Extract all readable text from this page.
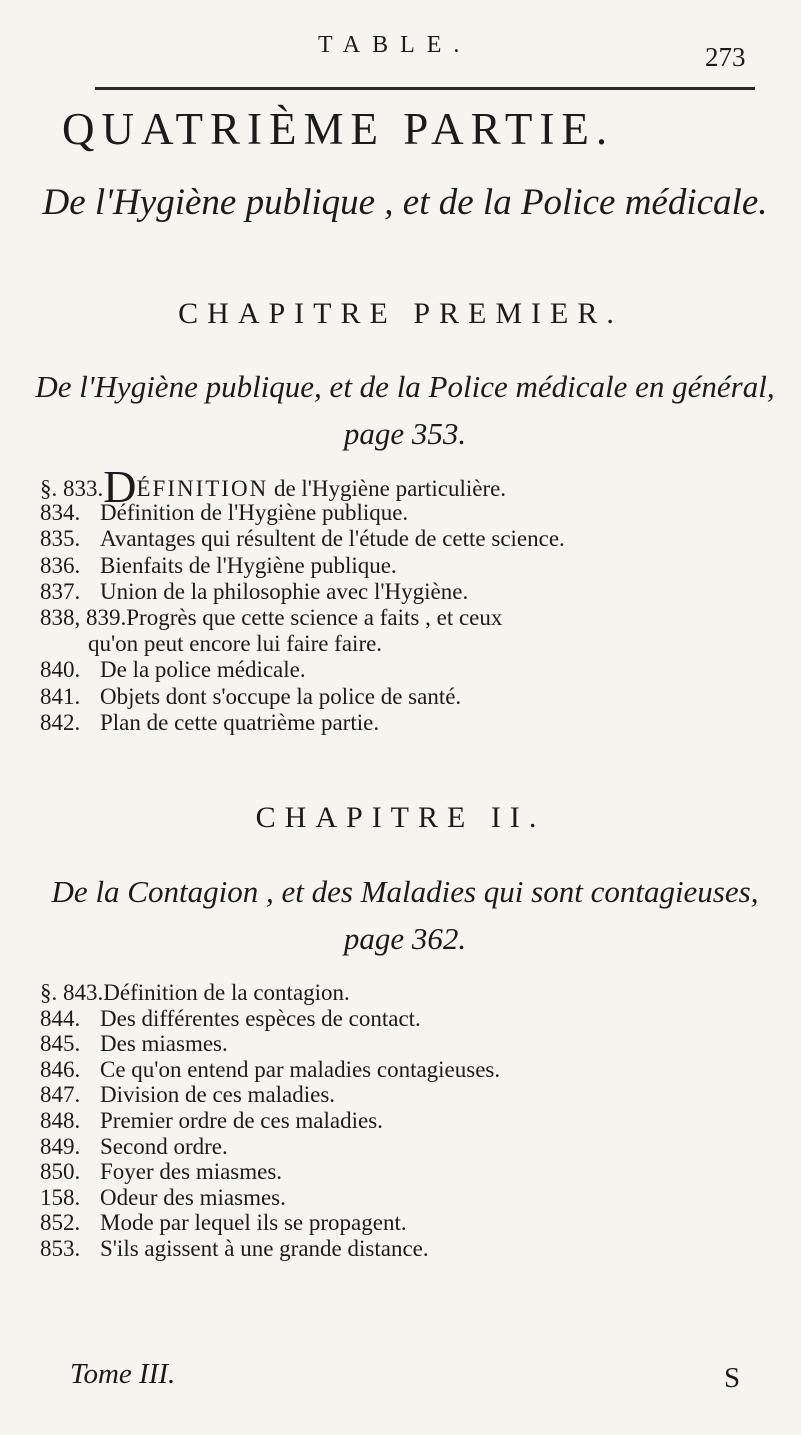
TABLE.	273
QUATRIÈME PARTIE.
De l'Hygiène publique , et de la Police médicale.
CHAPITRE PREMIER.
De l'Hygiène publique, et de la Police médicale en général, page 353.
CHAPITRE II.
De la Contagion , et des Maladies qui sont contagieuses, page 362.
§. 833.DÉFINITION de l'Hygiène particulière.
834.Définition de l'Hygiène publique.
835.Avantages qui résultent de l'étude de cette science.
836.Bienfaits de l'Hygiène publique.
837.Union de la philosophie avec l'Hygiène.
838, 839.Progrès que cette science a faits , et ceux
qu'on peut encore lui faire faire.
840.De la police médicale.
841.Objets dont s'occupe la police de santé.
842.Plan de cette quatrième partie.
§. 843.Définition de la contagion.
844.Des différentes espèces de contact.
845.Des miasmes.
846.Ce qu'on entend par maladies contagieuses.
847.Division de ces maladies.
848.Premier ordre de ces maladies.
849.Second ordre.
850.Foyer des miasmes.
158.Odeur des miasmes.
852.Mode par lequel ils se propagent.
853.S'ils agissent à une grande distance.
Tome III.	S
